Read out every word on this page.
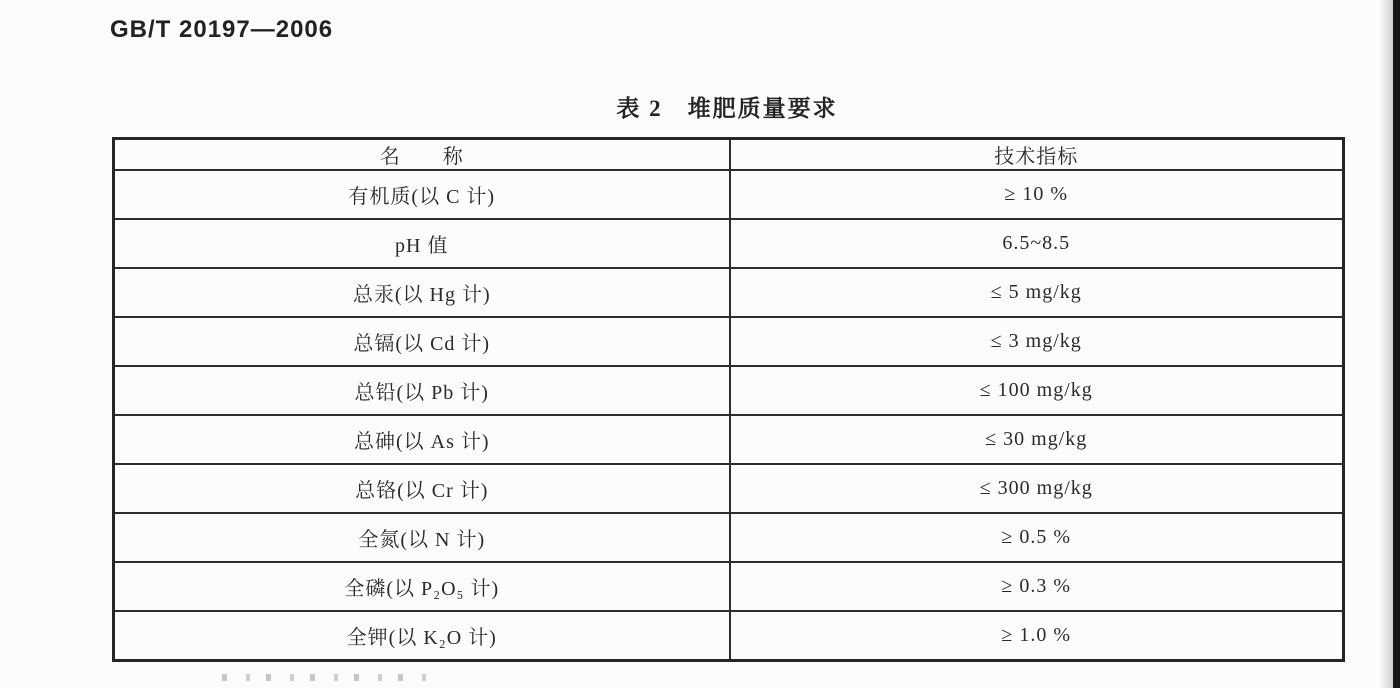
GB/T 20197—2006
表 2　堆肥质量要求
名　　称	技术指标
有机质(以 C 计)	≥ 10 %
pH 值	6.5~8.5
总汞(以 Hg 计)	≤ 5 mg/kg
总镉(以 Cd 计)	≤ 3 mg/kg
总铅(以 Pb 计)	≤ 100 mg/kg
总砷(以 As 计)	≤ 30 mg/kg
总铬(以 Cr 计)	≤ 300 mg/kg
全氮(以 N 计)	≥ 0.5 %
全磷(以 P₂O₅ 计)	≥ 0.3 %
全钾(以 K₂O 计)	≥ 1.0 %
